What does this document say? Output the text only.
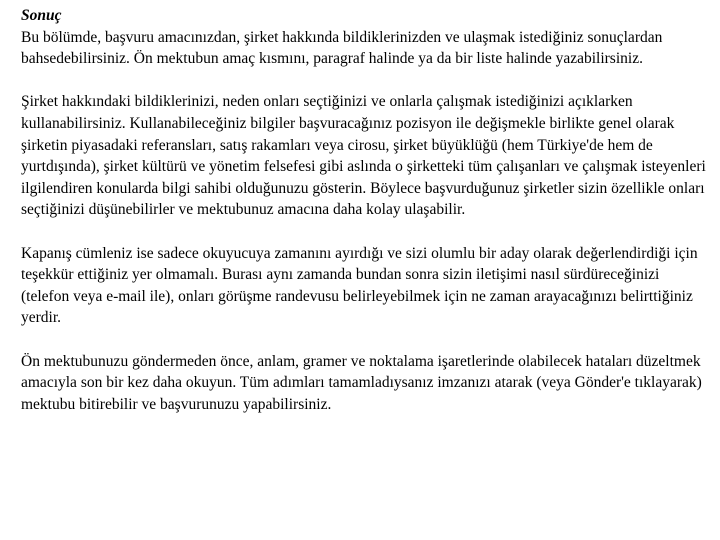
Sonuç

Bu bölümde, başvuru amacınızdan, şirket hakkında bildiklerinizden ve ulaşmak istediğiniz sonuçlardan bahsedebilirsiniz. Ön mektubun amaç kısmını, paragraf halinde ya da bir liste halinde yazabilirsiniz.

Şirket hakkındaki bildiklerinizi, neden onları seçtiğinizi ve onlarla çalışmak istediğinizi açıklarken kullanabilirsiniz. Kullanabileceğiniz bilgiler başvuracağınız pozisyon ile değişmekle birlikte genel olarak şirketin piyasadaki referansları, satış rakamları veya cirosu, şirket büyüklüğü (hem Türkiye'de hem de yurtdışında), şirket kültürü ve yönetim felsefesi gibi aslında o şirketteki tüm çalışanları ve çalışmak isteyenleri ilgilendiren konularda bilgi sahibi olduğunuzu gösterin. Böylece başvurduğunuz şirketler sizin özellikle onları seçtiğinizi düşünebilirler ve mektubunuz amacına daha kolay ulaşabilir.

Kapanış cümleniz ise sadece okuyucuya zamanını ayırdığı ve sizi olumlu bir aday olarak değerlendirdiği için teşekkür ettiğiniz yer olmamalı. Burası aynı zamanda bundan sonra sizin iletişimi nasıl sürdüreceğinizi (telefon veya e-mail ile), onları görüşme randevusu belirleyebilmek için ne zaman arayacağınızı belirttiğiniz yerdir.

Ön mektubunuzu göndermeden önce, anlam, gramer ve noktalama işaretlerinde olabilecek hataları düzeltmek amacıyla son bir kez daha okuyun. Tüm adımları tamamladıysanız imzanızı atarak (veya Gönder'e tıklayarak) mektubu bitirebilir ve başvurunuzu yapabilirsiniz.
